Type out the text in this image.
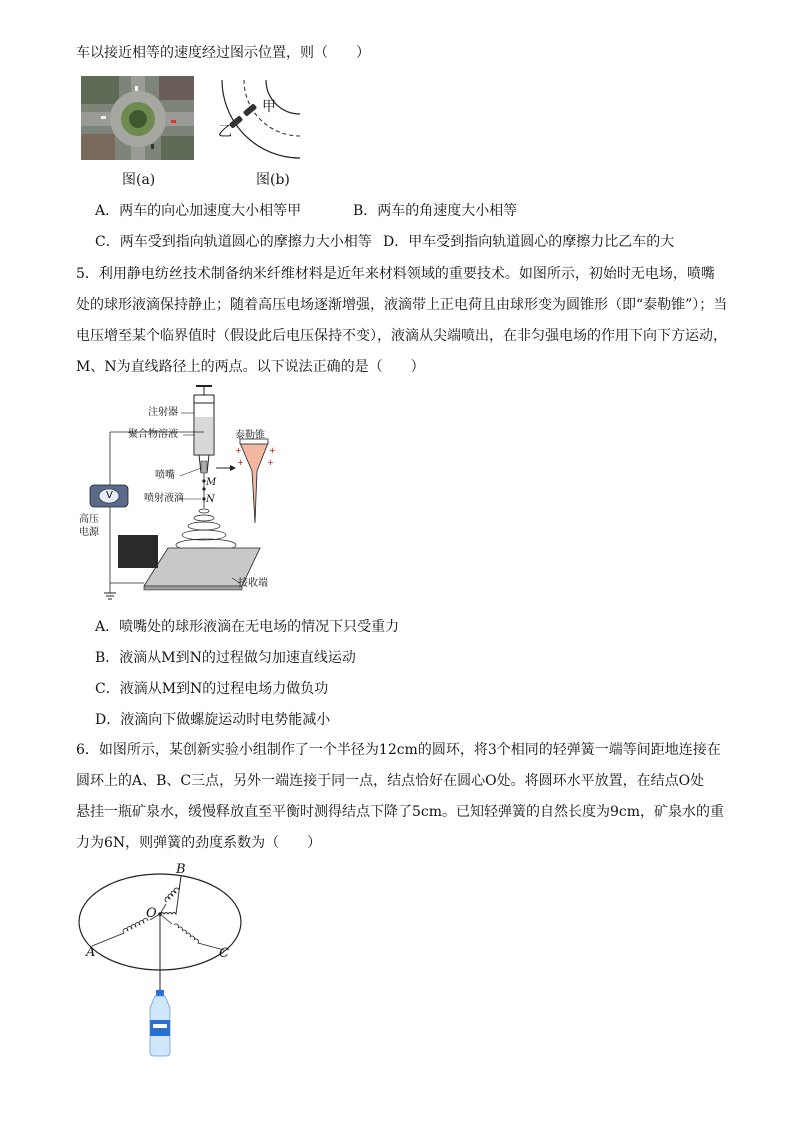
车以接近相等的速度经过图示位置，则（　　）
图(a)
甲
乙
图(b)
A．两车的向心加速度大小相等甲	B．两车的角速度大小相等
C．两车受到指向轨道圆心的摩擦力大小相等 D．甲车受到指向轨道圆心的摩擦力比乙车的大
5．利用静电纺丝技术制备纳米纤维材料是近年来材料领域的重要技术。如图所示，初始时无电场，喷嘴
处的球形液滴保持静止；随着高压电场逐渐增强，液滴带上正电荷且由球形变为圆锥形（即“泰勒锥”）；当
电压增至某个临界值时（假设此后电压保持不变），液滴从尖端喷出，在非匀强电场的作用下向下方运动，
M、N为直线路径上的两点。以下说法正确的是（　　）
+	+
+	+
注射器
聚合物溶液	泰勒锥
喷嘴
喷射液滴
M
N
V
高压
电源
接收端
A．喷嘴处的球形液滴在无电场的情况下只受重力
B．液滴从M到N的过程做匀加速直线运动
C．液滴从M到N的过程电场力做负功
D．液滴向下做螺旋运动时电势能减小
6．如图所示，某创新实验小组制作了一个半径为12cm的圆环，将3个相同的轻弹簧一端等间距地连接在
圆环上的A、B、C三点，另外一端连接于同一点，结点恰好在圆心O处。将圆环水平放置，在结点O处
悬挂一瓶矿泉水，缓慢释放直至平衡时测得结点下降了5cm。已知轻弹簧的自然长度为9cm，矿泉水的重
力为6N，则弹簧的劲度系数为（　　）
B
O
A	C
